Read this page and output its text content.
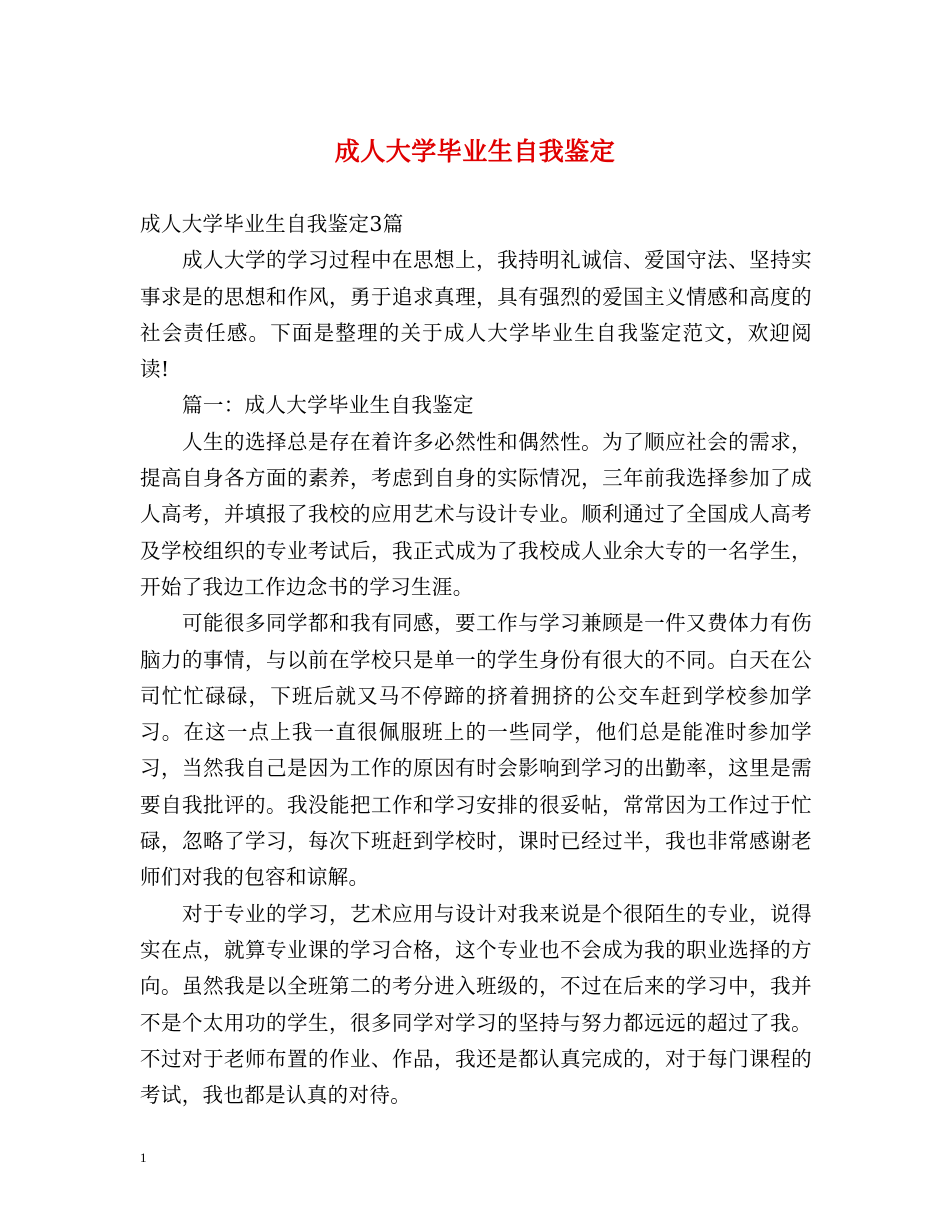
成人大学毕业生自我鉴定

成人大学毕业生自我鉴定3篇

成人大学的学习过程中在思想上，我持明礼诚信、爱国守法、坚持实事求是的思想和作风，勇于追求真理，具有强烈的爱国主义情感和高度的社会责任感。下面是整理的关于成人大学毕业生自我鉴定范文，欢迎阅读!

篇一：成人大学毕业生自我鉴定

人生的选择总是存在着许多必然性和偶然性。为了顺应社会的需求，提高自身各方面的素养，考虑到自身的实际情况，三年前我选择参加了成人高考，并填报了我校的应用艺术与设计专业。顺利通过了全国成人高考及学校组织的专业考试后，我正式成为了我校成人业余大专的一名学生，开始了我边工作边念书的学习生涯。

可能很多同学都和我有同感，要工作与学习兼顾是一件又费体力有伤脑力的事情，与以前在学校只是单一的学生身份有很大的不同。白天在公司忙忙碌碌，下班后就又马不停蹄的挤着拥挤的公交车赶到学校参加学习。在这一点上我一直很佩服班上的一些同学，他们总是能准时参加学习，当然我自己是因为工作的原因有时会影响到学习的出勤率，这里是需要自我批评的。我没能把工作和学习安排的很妥帖，常常因为工作过于忙碌，忽略了学习，每次下班赶到学校时，课时已经过半，我也非常感谢老师们对我的包容和谅解。

对于专业的学习，艺术应用与设计对我来说是个很陌生的专业，说得实在点，就算专业课的学习合格，这个专业也不会成为我的职业选择的方向。虽然我是以全班第二的考分进入班级的，不过在后来的学习中，我并不是个太用功的学生，很多同学对学习的坚持与努力都远远的超过了我。不过对于老师布置的作业、作品，我还是都认真完成的，对于每门课程的考试，我也都是认真的对待。

1
